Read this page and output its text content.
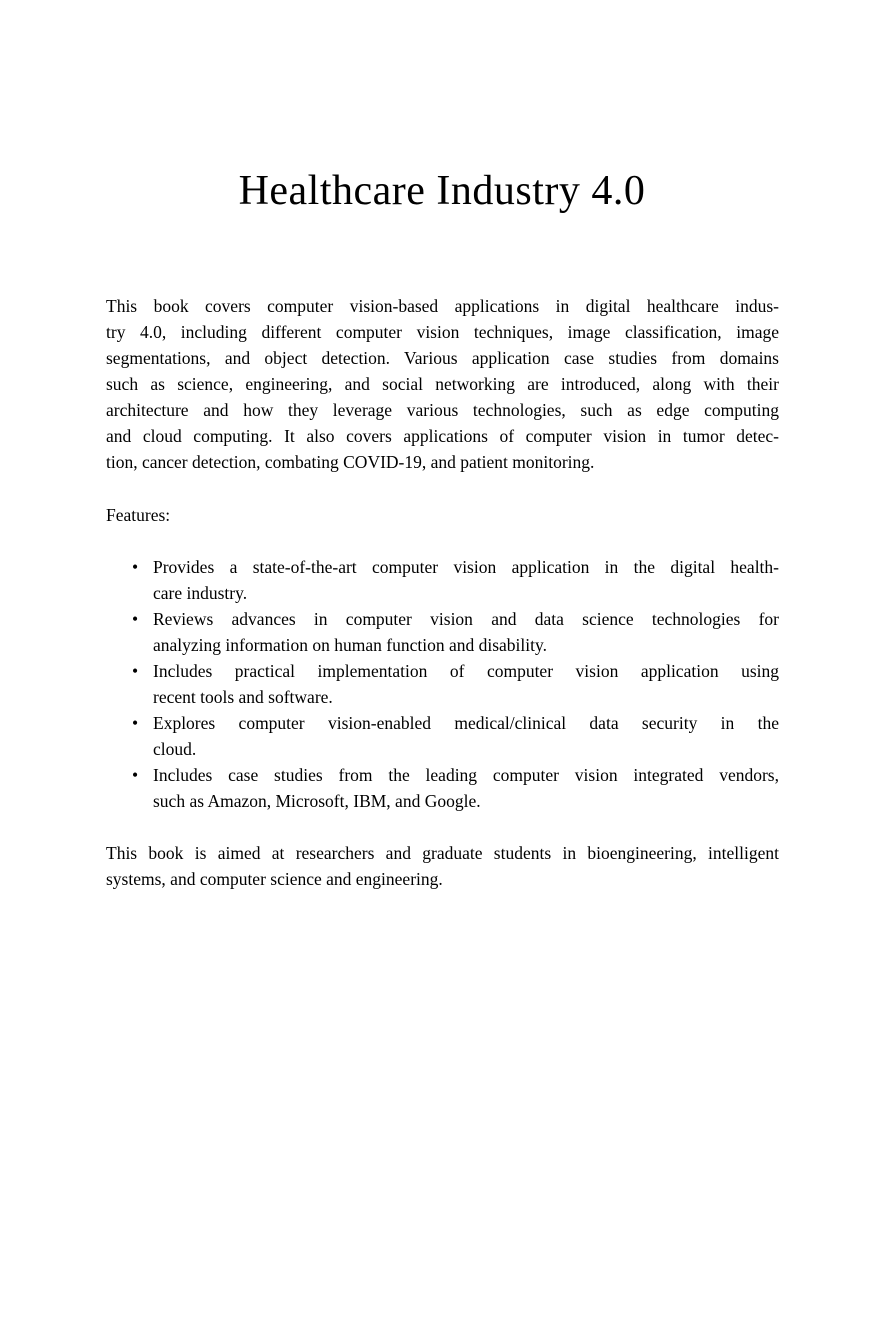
Healthcare Industry 4.0
This book covers computer vision-based applications in digital healthcare indus-
try 4.0, including different computer vision techniques, image classification, image
segmentations, and object detection. Various application case studies from domains
such as science, engineering, and social networking are introduced, along with their
architecture and how they leverage various technologies, such as edge computing
and cloud computing. It also covers applications of computer vision in tumor detec-
tion, cancer detection, combating COVID-19, and patient monitoring.
Features:
• Provides a state-of-the-art computer vision application in the digital health-
care industry.
• Reviews advances in computer vision and data science technologies for
analyzing information on human function and disability.
• Includes practical implementation of computer vision application using
recent tools and software.
• Explores computer vision-enabled medical/clinical data security in the
cloud.
• Includes case studies from the leading computer vision integrated vendors,
such as Amazon, Microsoft, IBM, and Google.
This book is aimed at researchers and graduate students in bioengineering, intelligent
systems, and computer science and engineering.
